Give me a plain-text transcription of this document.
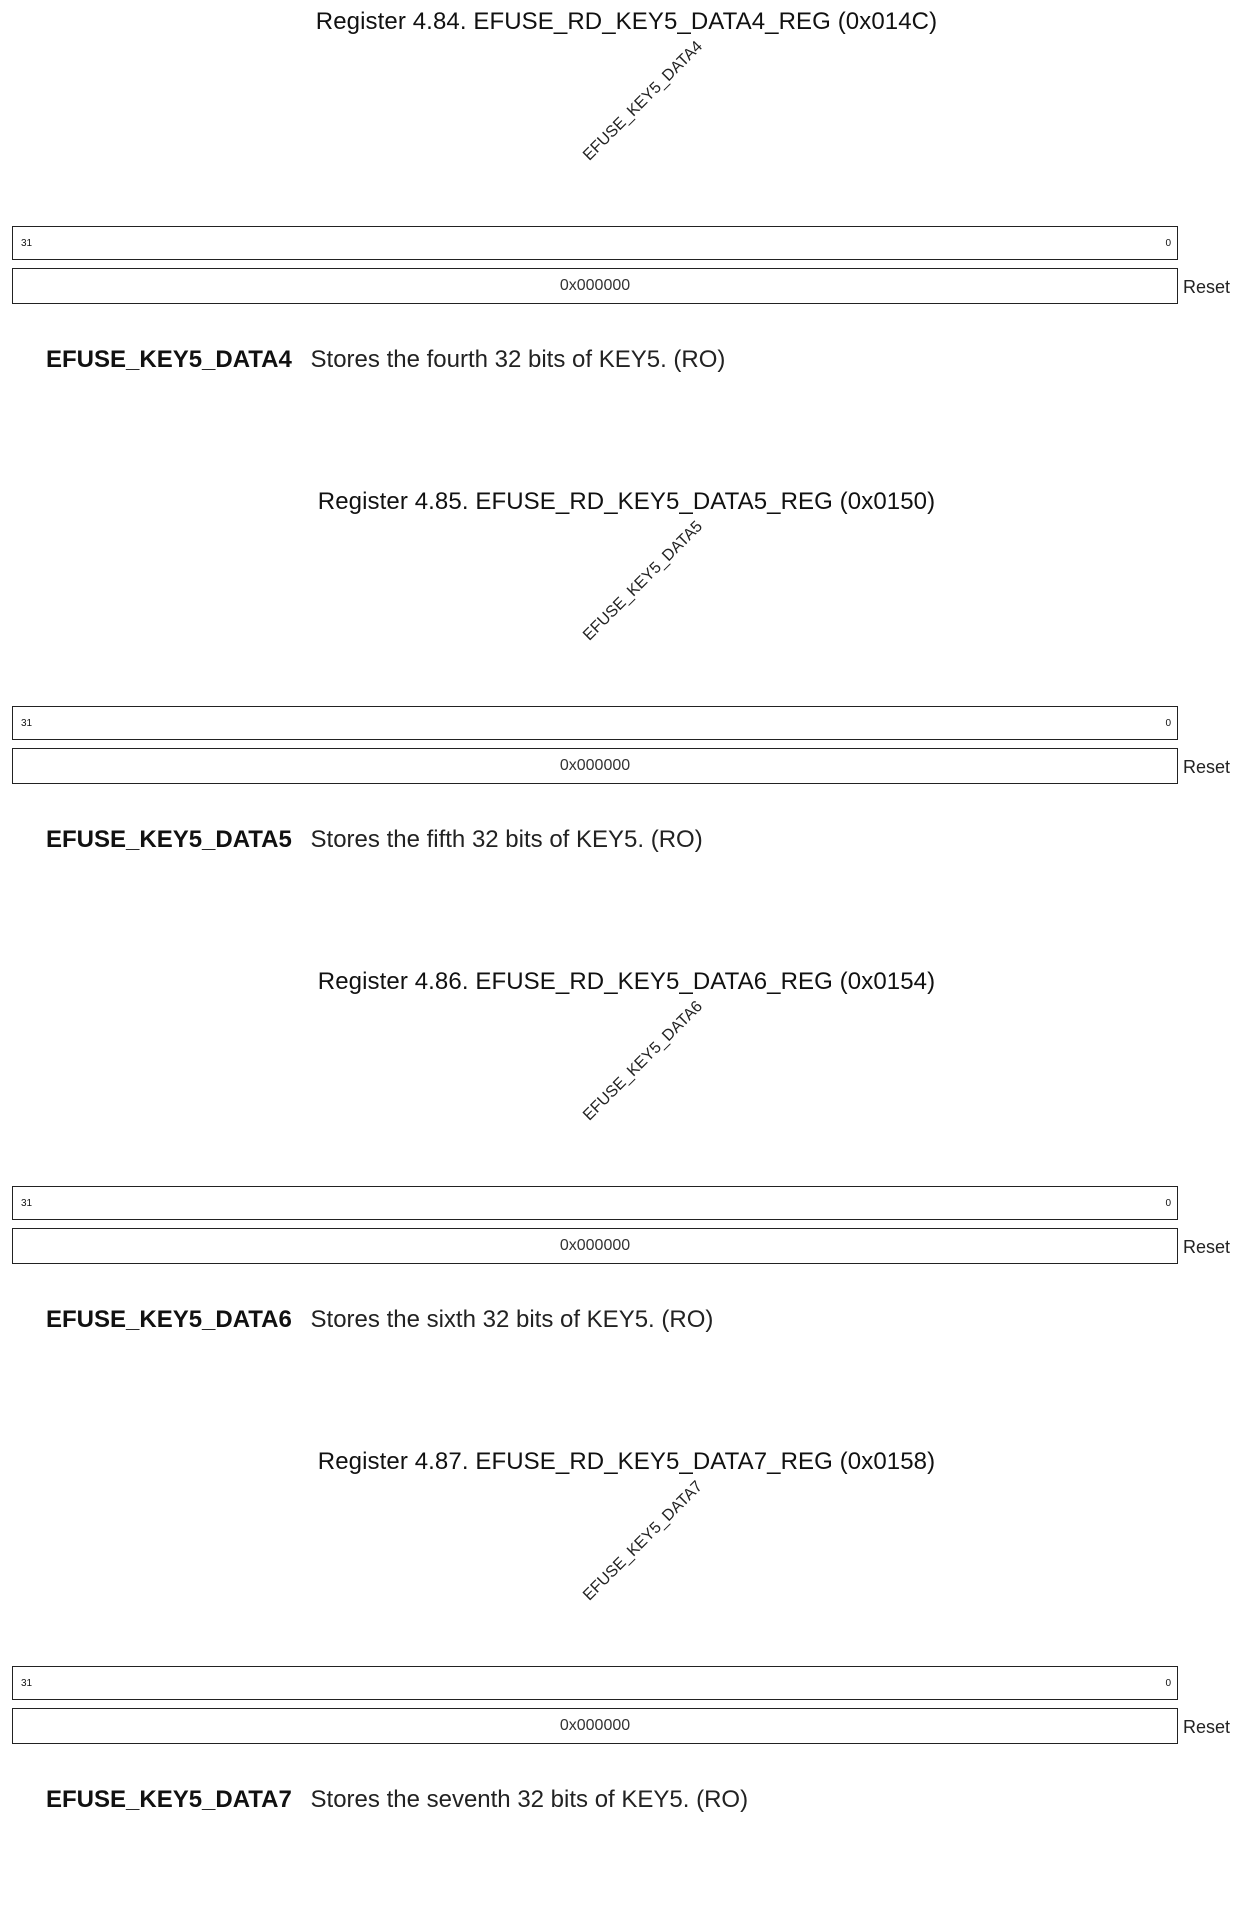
Register 4.84. EFUSE_RD_KEY5_DATA4_REG (0x014C)
EFUSE_KEY5_DATA4
31	0
0x000000	Reset
EFUSE_KEY5_DATA4 Stores the fourth 32 bits of KEY5. (RO)
Register 4.85. EFUSE_RD_KEY5_DATA5_REG (0x0150)
EFUSE_KEY5_DATA5
31	0
0x000000	Reset
EFUSE_KEY5_DATA5 Stores the fifth 32 bits of KEY5. (RO)
Register 4.86. EFUSE_RD_KEY5_DATA6_REG (0x0154)
EFUSE_KEY5_DATA6
31	0
0x000000	Reset
EFUSE_KEY5_DATA6 Stores the sixth 32 bits of KEY5. (RO)
Register 4.87. EFUSE_RD_KEY5_DATA7_REG (0x0158)
EFUSE_KEY5_DATA7
31	0
0x000000	Reset
EFUSE_KEY5_DATA7 Stores the seventh 32 bits of KEY5. (RO)
